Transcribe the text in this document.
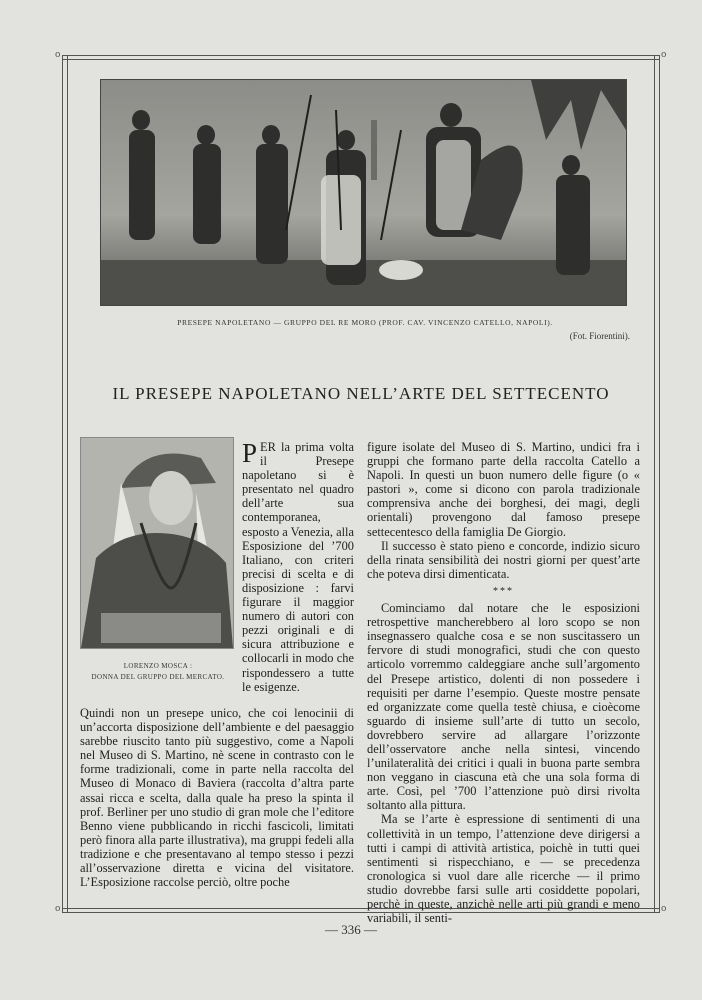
o	o
o	o
PRESEPE NAPOLETANO — GRUPPO DEL RE MORO (PROF. CAV. VINCENZO CATELLO, NAPOLI).
(Fot. Fiorentini).
IL PRESEPE NAPOLETANO NELL’ARTE DEL SETTECENTO
LORENZO MOSCA :
DONNA DEL GRUPPO DEL MERCATO.

PER la prima volta il Presepe napoletano si è presentato nel quadro dell’arte sua contemporanea, esposto a Venezia, alla Esposizione del ’700 Italiano, con criteri precisi di scelta e di disposizione : farvi figurare il maggior numero di autori con pezzi originali e di sicura attribuzione e collocarli in modo che rispondessero a tutte le esigenze.

Quindi non un presepe unico, che coi lenocinii di un’accorta disposizione dell’ambiente e del paesaggio sarebbe riuscito tanto più suggestivo, come a Napoli nel Museo di S. Martino, nè scene in contrasto con le forme tradizionali, come in parte nella raccolta del Museo di Monaco di Baviera (raccolta d’altra parte assai ricca e scelta, dalla quale ha preso la spinta il prof. Berliner per uno studio di gran mole che l’editore Benno viene pubblicando in ricchi fascicoli, limitati però finora alla parte illustrativa), ma gruppi fedeli alla tradizione e che presentavano al tempo stesso i pezzi all’osservazione diretta e vicina del visitatore. L’Esposizione raccolse perciò, oltre poche

figure isolate del Museo di S. Martino, undici fra i gruppi che formano parte della raccolta Catello a Napoli. In questi un buon numero delle figure (o « pastori », come si dicono con parola tradizionale comprensiva anche dei borghesi, dei magi, degli orientali) provengono dal famoso presepe settecentesco della famiglia De Giorgio.

Il successo è stato pieno e concorde, indizio sicuro della rinata sensibilità dei nostri giorni per quest’arte che poteva dirsi dimenticata.

***

Cominciamo dal notare che le esposizioni retrospettive mancherebbero al loro scopo se non insegnassero qualche cosa e se non suscitassero un fervore di studi monografici, studi che con questo articolo vorremmo caldeggiare anche sull’argomento del Presepe artistico, dolenti di non possedere i requisiti per darne l’esempio. Queste mostre pensate ed organizzate come quella testè chiusa, e cioècome sguardo di insieme sull’arte di tutto un secolo, dovrebbero servire ad allargare l’orizzonte dell’osservatore anche nella sintesi, vincendo l’unilateralità dei critici i quali in buona parte sembra non veggano in ciascuna età che una sola forma di arte. Così, pel ’700 l’attenzione può dirsi rivolta soltanto alla pittura.

Ma se l’arte è espressione di sentimenti di una collettività in un tempo, l’attenzione deve dirigersi a tutti i campi di attività artistica, poichè in tutti quei sentimenti si rispecchiano, e — se precedenza cronologica si vuol dare alle ricerche — il primo studio dovrebbe farsi sulle arti cosiddette popolari, perchè in queste, anzichè nelle arti più grandi e meno variabili, il senti-

— 336 —
